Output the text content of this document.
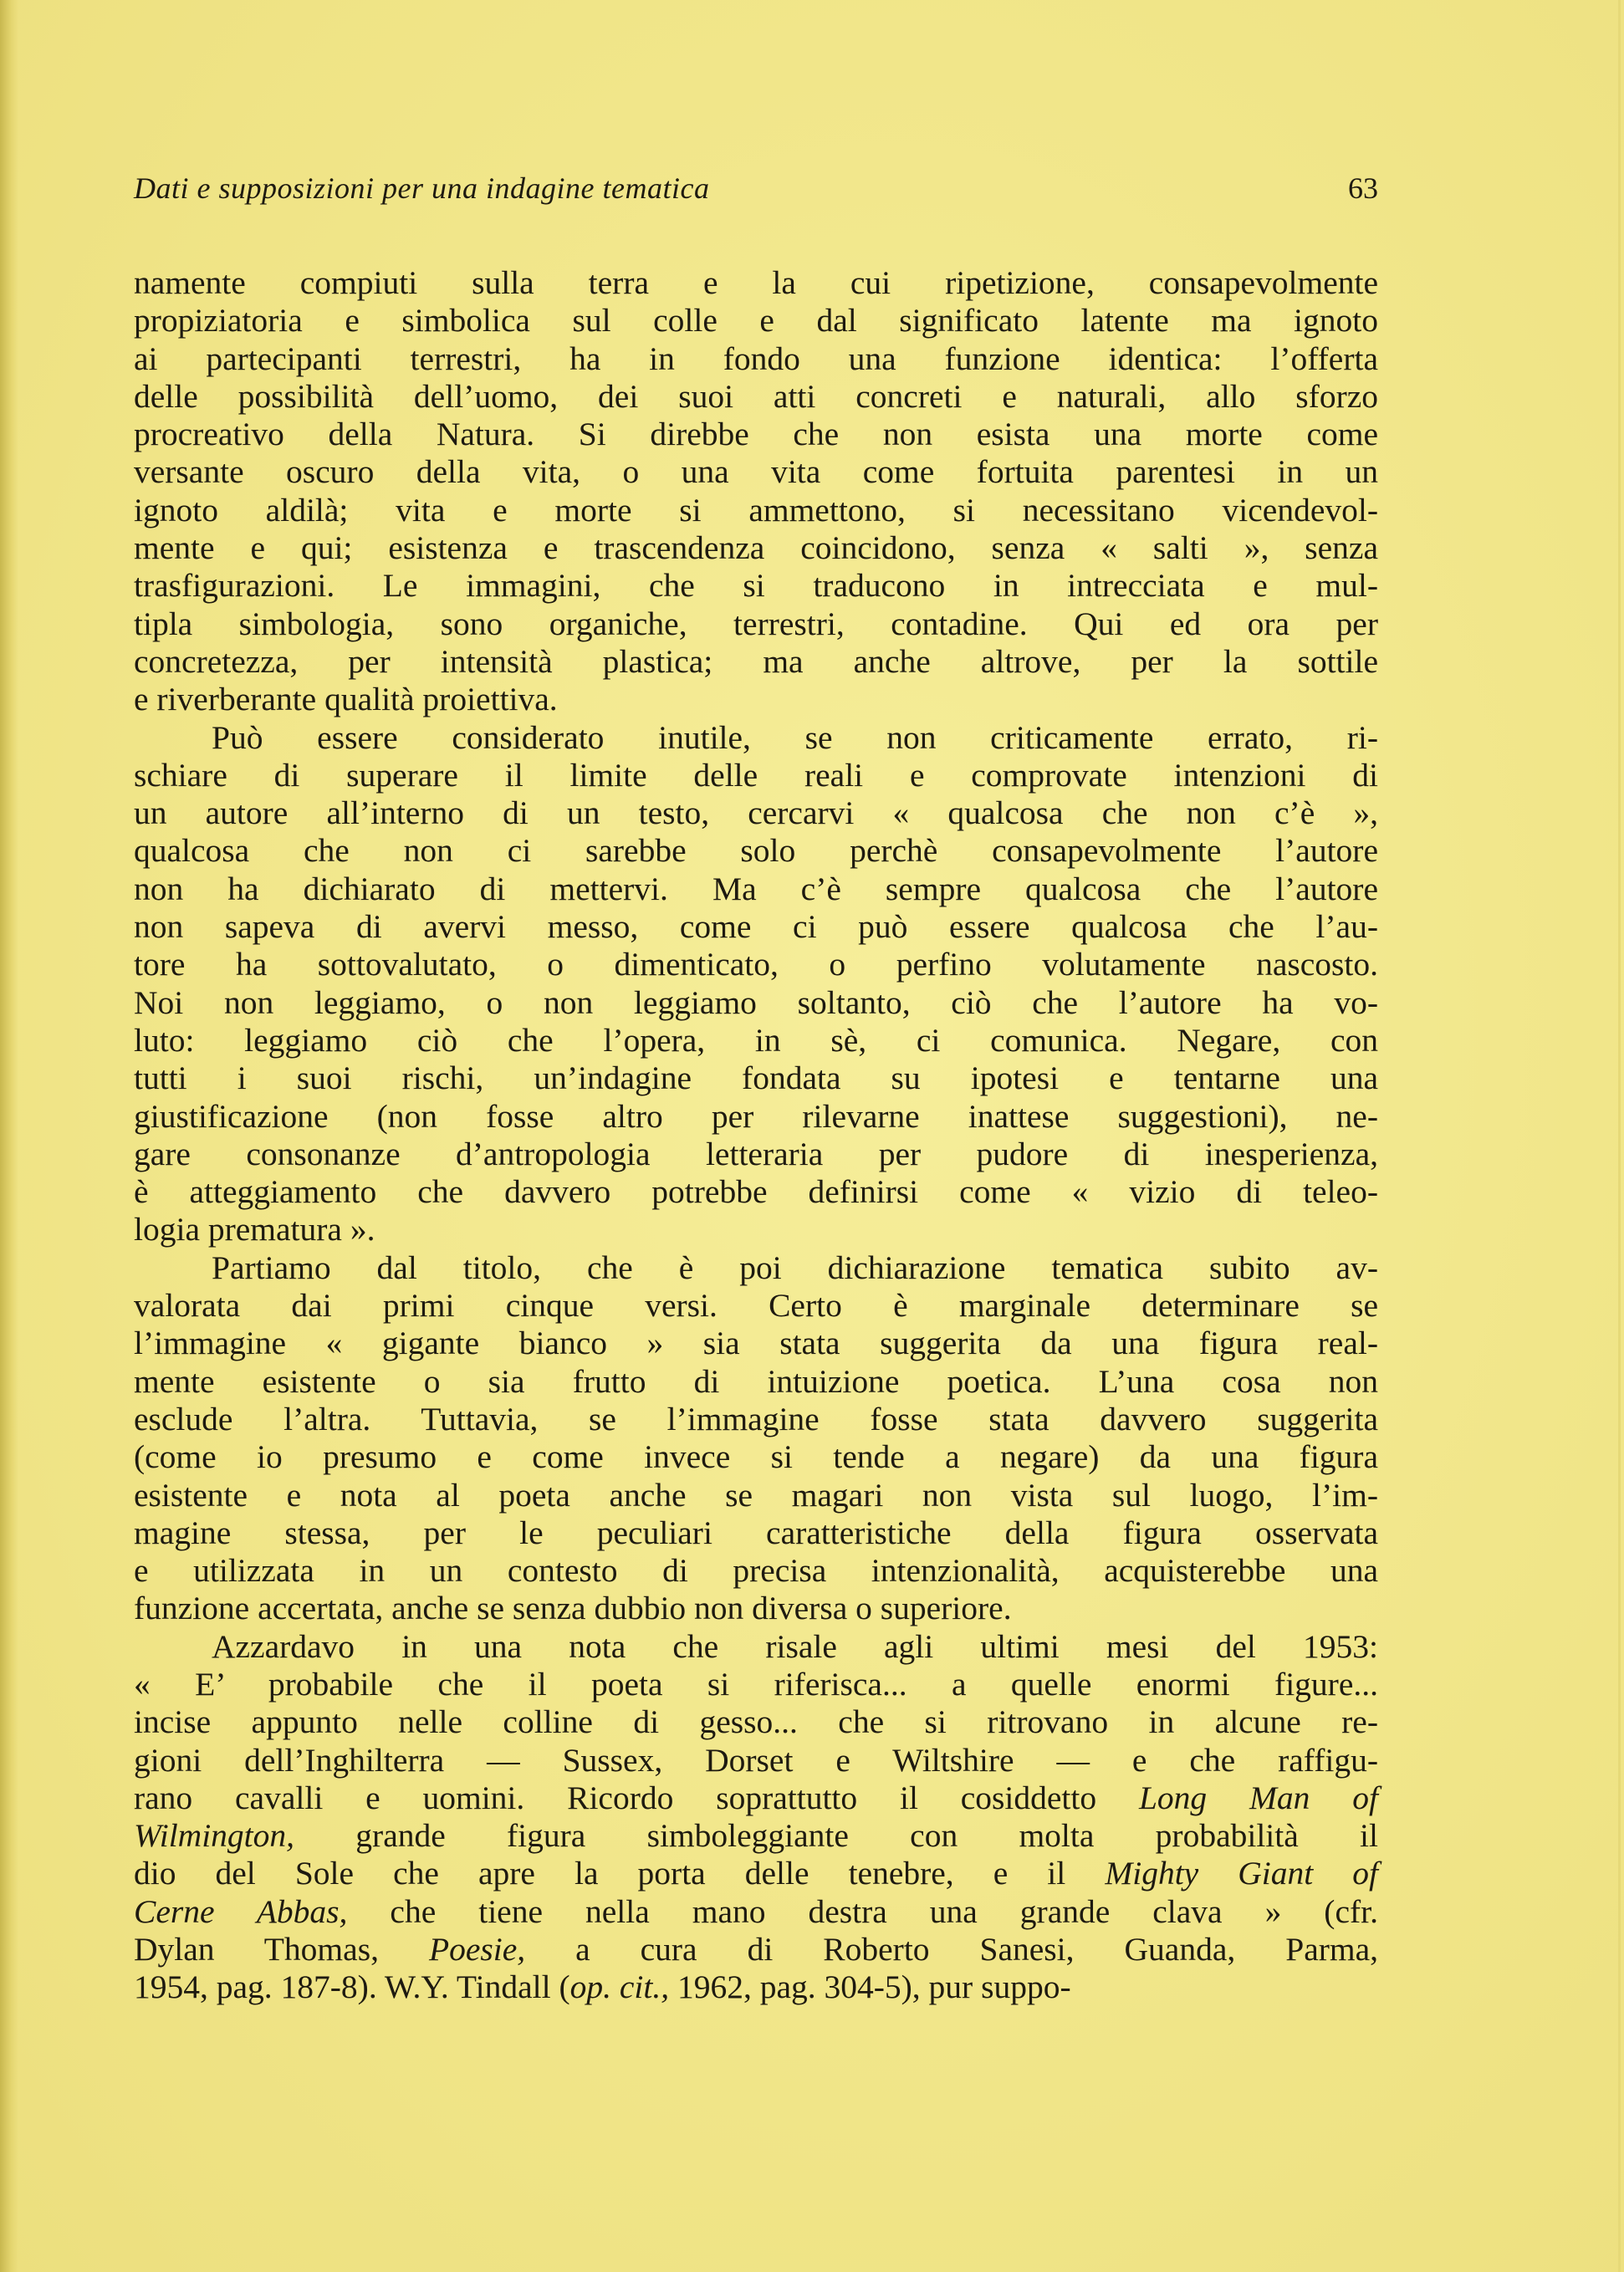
Dati e supposizioni per una indagine tematica	63
namente compiuti sulla terra e la cui ripetizione, consapevolmente
propiziatoria e simbolica sul colle e dal significato latente ma ignoto
ai partecipanti terrestri, ha in fondo una funzione identica: l’offerta
delle possibilità dell’uomo, dei suoi atti concreti e naturali, allo sforzo
procreativo della Natura. Si direbbe che non esista una morte come
versante oscuro della vita, o una vita come fortuita parentesi in un
ignoto aldilà; vita e morte si ammettono, si necessitano vicendevol-
mente e qui; esistenza e trascendenza coincidono, senza « salti », senza
trasfigurazioni. Le immagini, che si traducono in intrecciata e mul-
tipla simbologia, sono organiche, terrestri, contadine. Qui ed ora per
concretezza, per intensità plastica; ma anche altrove, per la sottile
e riverberante qualità proiettiva.
Può essere considerato inutile, se non criticamente errato, ri-
schiare di superare il limite delle reali e comprovate intenzioni di
un autore all’interno di un testo, cercarvi « qualcosa che non c’è »,
qualcosa che non ci sarebbe solo perchè consapevolmente l’autore
non ha dichiarato di mettervi. Ma c’è sempre qualcosa che l’autore
non sapeva di avervi messo, come ci può essere qualcosa che l’au-
tore ha sottovalutato, o dimenticato, o perfino volutamente nascosto.
Noi non leggiamo, o non leggiamo soltanto, ciò che l’autore ha vo-
luto: leggiamo ciò che l’opera, in sè, ci comunica. Negare, con
tutti i suoi rischi, un’indagine fondata su ipotesi e tentarne una
giustificazione (non fosse altro per rilevarne inattese suggestioni), ne-
gare consonanze d’antropologia letteraria per pudore di inesperienza,
è atteggiamento che davvero potrebbe definirsi come « vizio di teleo-
logia prematura ».
Partiamo dal titolo, che è poi dichiarazione tematica subito av-
valorata dai primi cinque versi. Certo è marginale determinare se
l’immagine « gigante bianco » sia stata suggerita da una figura real-
mente esistente o sia frutto di intuizione poetica. L’una cosa non
esclude l’altra. Tuttavia, se l’immagine fosse stata davvero suggerita
(come io presumo e come invece si tende a negare) da una figura
esistente e nota al poeta anche se magari non vista sul luogo, l’im-
magine stessa, per le peculiari caratteristiche della figura osservata
e utilizzata in un contesto di precisa intenzionalità, acquisterebbe una
funzione accertata, anche se senza dubbio non diversa o superiore.
Azzardavo in una nota che risale agli ultimi mesi del 1953:
« E’ probabile che il poeta si riferisca... a quelle enormi figure...
incise appunto nelle colline di gesso... che si ritrovano in alcune re-
gioni dell’Inghilterra — Sussex, Dorset e Wiltshire — e che raffigu-
rano cavalli e uomini. Ricordo soprattutto il cosiddetto Long Man of
Wilmington, grande figura simboleggiante con molta probabilità il
dio del Sole che apre la porta delle tenebre, e il Mighty Giant of
Cerne Abbas, che tiene nella mano destra una grande clava » (cfr.
Dylan Thomas, Poesie, a cura di Roberto Sanesi, Guanda, Parma,
1954, pag. 187-8). W.Y. Tindall (op. cit., 1962, pag. 304-5), pur suppo-
